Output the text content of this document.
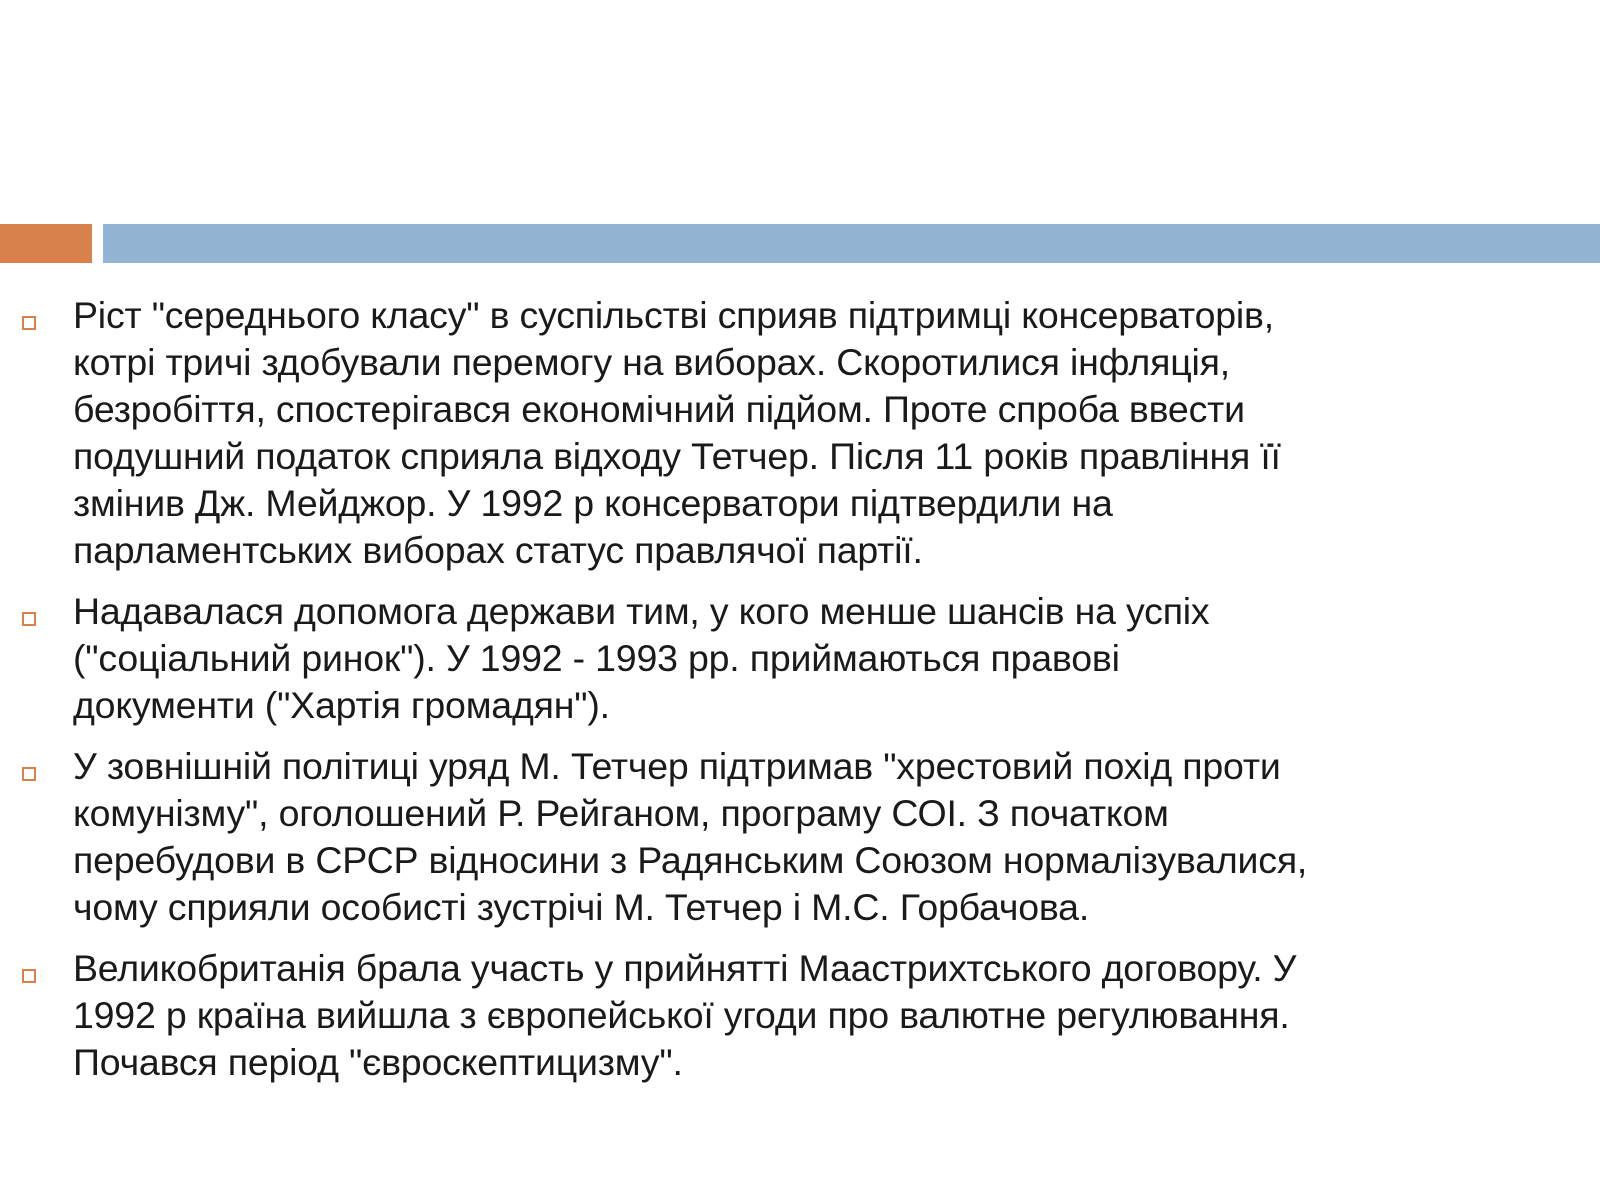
Ріст "середнього класу" в суспільстві сприяв підтримці консерваторів,
котрі тричі здобували перемогу на виборах. Скоротилися інфляція,
безробіття, спостерігався економічний підйом. Проте спроба ввести
подушний податок сприяла відходу Тетчер. Після 11 років правління її
змінив Дж. Мейджор. У 1992 р консерватори підтвердили на
парламентських виборах статус правлячої партії.
Надавалася допомога держави тим, у кого менше шансів на успіх
("соціальний ринок"). У 1992 - 1993 рр. приймаються правові
документи ("Хартія громадян").
У зовнішній політиці уряд М. Тетчер підтримав "хрестовий похід проти
комунізму", оголошений Р. Рейганом, програму СОІ. З початком
перебудови в СРСР відносини з Радянським Союзом нормалізувалися,
чому сприяли особисті зустрічі М. Тетчер і М.С. Горбачова.
Великобританія брала участь у прийнятті Маастрихтського договору. У
1992 р країна вийшла з європейської угоди про валютне регулювання.
Почався період "євроскептицизму".
